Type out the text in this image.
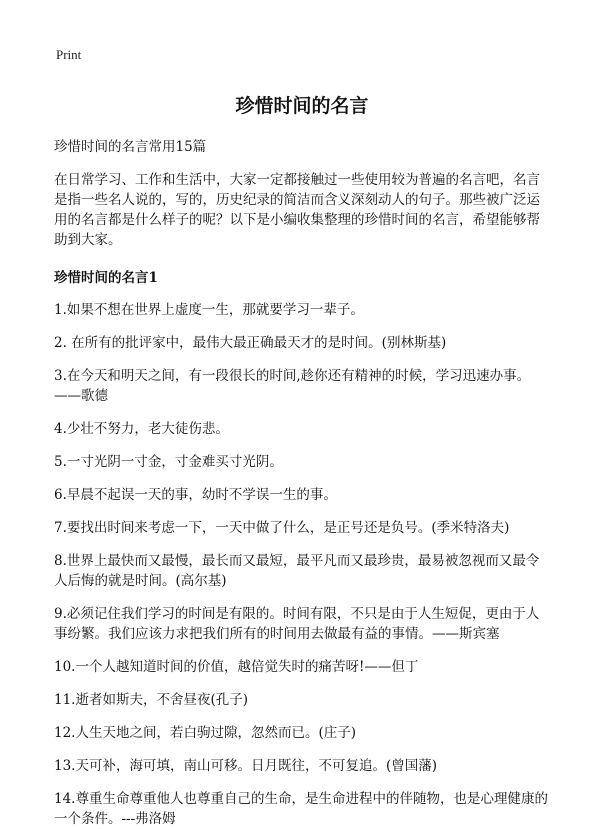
Print
珍惜时间的名言

珍惜时间的名言常用15篇

在日常学习、工作和生活中，大家一定都接触过一些使用较为普遍的名言吧，名言是指一些名人说的，写的，历史纪录的简洁而含义深刻动人的句子。那些被广泛运用的名言都是什么样子的呢？以下是小编收集整理的珍惜时间的名言，希望能够帮助到大家。

珍惜时间的名言1

1.如果不想在世界上虚度一生，那就要学习一辈子。
2. 在所有的批评家中，最伟大最正确最天才的是时间。(别林斯基)
3.在今天和明天之间，有一段很长的时间,趁你还有精神的时候，学习迅速办事。——歌德
4.少壮不努力，老大徒伤悲。
5.一寸光阴一寸金，寸金难买寸光阴。
6.早晨不起误一天的事，幼时不学误一生的事。
7.要找出时间来考虑一下，一天中做了什么，是正号还是负号。(季米特洛夫)
8.世界上最快而又最慢，最长而又最短，最平凡而又最珍贵，最易被忽视而又最令人后悔的就是时间。(高尔基)
9.必须记住我们学习的时间是有限的。时间有限，不只是由于人生短促，更由于人事纷繁。我们应该力求把我们所有的时间用去做最有益的事情。——斯宾塞
10.一个人越知道时间的价值，越倍觉失时的痛苦呀!——但丁
11.逝者如斯夫，不舍昼夜(孔子)
12.人生天地之间，若白驹过隙，忽然而已。(庄子)
13.天可补，海可填，南山可移。日月既往，不可复追。(曾国藩)
14.尊重生命尊重他人也尊重自己的生命，是生命进程中的伴随物，也是心理健康的一个条件。---弗洛姆
